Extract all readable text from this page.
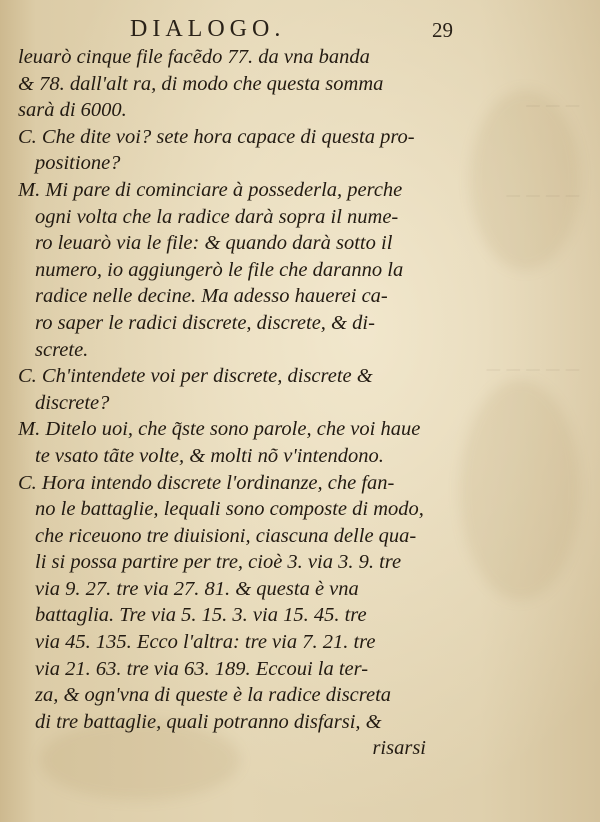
— — —
— — — —
— — — — —
DIALOGO.	29
leuarò cinque file facẽdo 77. da vna banda
& 78. dall'alt ra, di modo che questa somma
sarà di 6000.
C. Che dite voi? sete hora capace di questa pro-
positione?
M. Mi pare di cominciare à possederla, perche
ogni volta che la radice darà sopra il nume-
ro leuarò via le file: & quando darà sotto il
numero, io aggiungerò le file che daranno la
radice nelle decine. Ma adesso hauerei ca-
ro saper le radici discrete, discrete, & di-
screte.
C. Ch'intendete voi per discrete, discrete &
discrete?
M. Ditelo uoi, che q̃ste sono parole, che voi haue
te vsato tãte volte, & molti nõ v'intendono.
C. Hora intendo discrete l'ordinanze, che fan-
no le battaglie, lequali sono composte di modo,
che riceuono tre diuisioni, ciascuna delle qua-
li si possa partire per tre, cioè 3. via 3. 9. tre
via 9. 27. tre via 27. 81. & questa è vna
battaglia. Tre via 5. 15. 3. via 15. 45. tre
via 45. 135. Ecco l'altra: tre via 7. 21. tre
via 21. 63. tre via 63. 189. Eccoui la ter-
za, & ogn'vna di queste è la radice discreta
di tre battaglie, quali potranno disfarsi, &
risarsi
